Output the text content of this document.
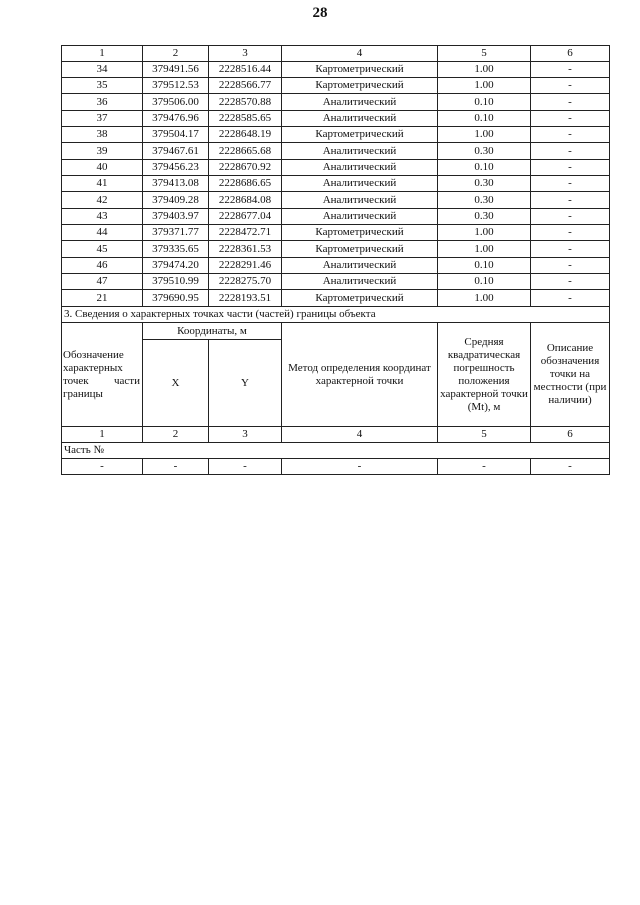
28
1	2	3	4	5	6
34	379491.56	2228516.44	Картометрический	1.00	-
35	379512.53	2228566.77	Картометрический	1.00	-
36	379506.00	2228570.88	Аналитический	0.10	-
37	379476.96	2228585.65	Аналитический	0.10	-
38	379504.17	2228648.19	Картометрический	1.00	-
39	379467.61	2228665.68	Аналитический	0.30	-
40	379456.23	2228670.92	Аналитический	0.10	-
41	379413.08	2228686.65	Аналитический	0.30	-
42	379409.28	2228684.08	Аналитический	0.30	-
43	379403.97	2228677.04	Аналитический	0.30	-
44	379371.77	2228472.71	Картометрический	1.00	-
45	379335.65	2228361.53	Картометрический	1.00	-
46	379474.20	2228291.46	Аналитический	0.10	-
47	379510.99	2228275.70	Аналитический	0.10	-
21	379690.95	2228193.51	Картометрический	1.00	-
3. Сведения о характерных точках части (частей) границы объекта					

Обозначение
характерных
точек части
границы	Координаты, м		Метод определения координат характерной точки	Средняя квадратическая погрешность положения характерной точки (Mt), м	Описание обозначения точки на местности (при наличии)
	X	Y			
1	2	3	4	5	6
Часть №					
-	-	-	-	-	-
